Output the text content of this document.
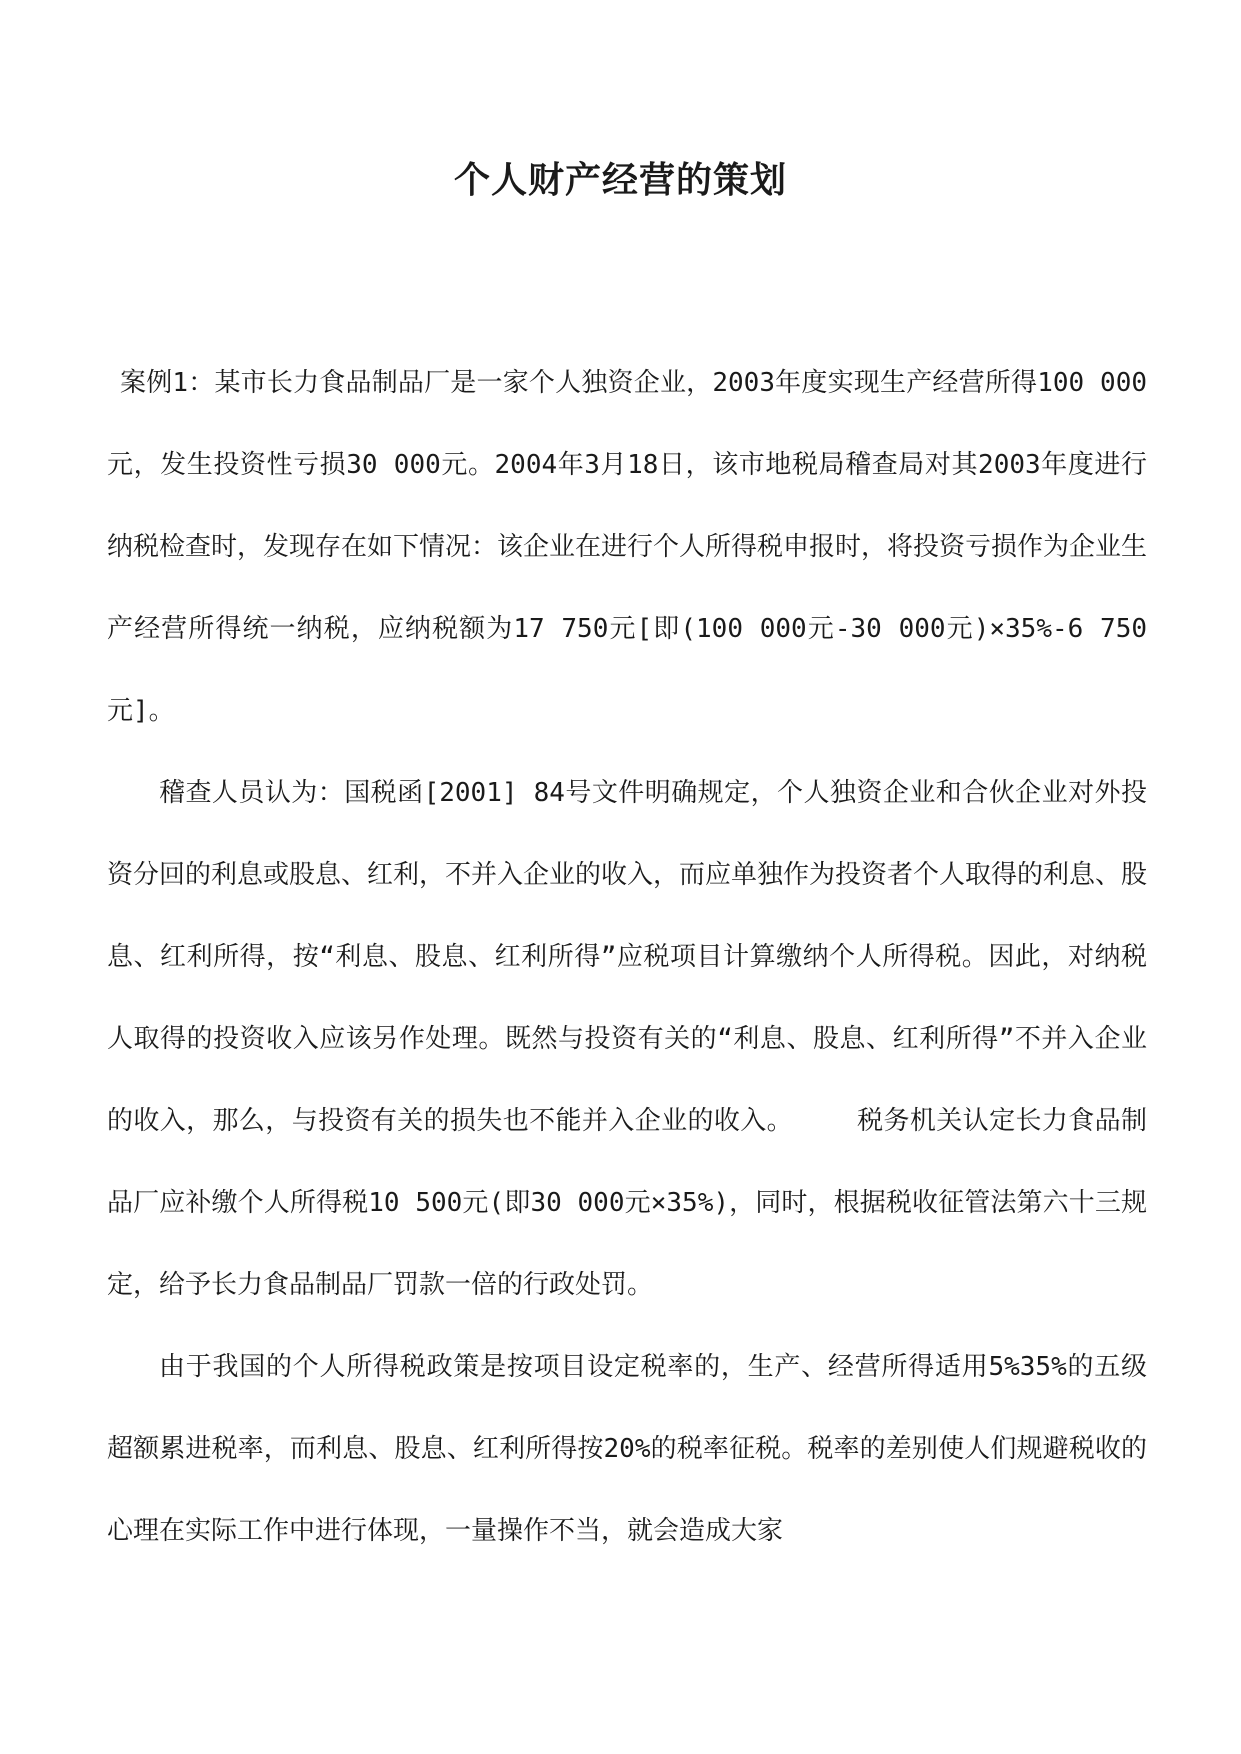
个人财产经营的策划

案例1：某市长力食品制品厂是一家个人独资企业，2003年度实现生产经营所得100 000元，发生投资性亏损30 000元。2004年3月18日，该市地税局稽查局对其2003年度进行纳税检查时，发现存在如下情况：该企业在进行个人所得税申报时，将投资亏损作为企业生产经营所得统一纳税，应纳税额为17 750元[即(100 000元-30 000元)×35%-6 750元]。

稽查人员认为：国税函[2001] 84号文件明确规定，个人独资企业和合伙企业对外投资分回的利息或股息、红利，不并入企业的收入，而应单独作为投资者个人取得的利息、股息、红利所得，按“利息、股息、红利所得”应税项目计算缴纳个人所得税。因此，对纳税人取得的投资收入应该另作处理。既然与投资有关的“利息、股息、红利所得”不并入企业的收入，那么，与投资有关的损失也不能并入企业的收入。    税务机关认定长力食品制品厂应补缴个人所得税10 500元(即30 000元×35%)，同时，根据税收征管法第六十三规定，给予长力食品制品厂罚款一倍的行政处罚。

由于我国的个人所得税政策是按项目设定税率的，生产、经营所得适用5%35%的五级超额累进税率，而利息、股息、红利所得按20%的税率征税。税率的差别使人们规避税收的心理在实际工作中进行体现，一量操作不当，就会造成大家
